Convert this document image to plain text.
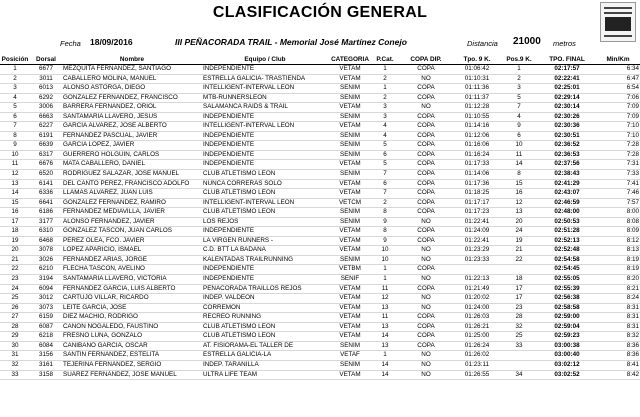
CLASIFICACIÓN GENERAL
Fecha 18/09/2016	III PEÑACORADA TRAIL - Memorial José Martínez Conejo	Distancia 21000 metros
Posición	Dorsal	Nombre	Equipo / Club	CATEGORIA	P.Cat.	COPA DIP.	Tpo. 9 K.	Pos.9 K.	TPO. FINAL	Min/Km
1	6677	MEZQUITA FERNANDEZ, SANTIAGO	INDEPENDIENTE	VETAM	1	COPA	01:06:42	1	02:17:57	6:34
2	3011	CABALLERO MOLINA, MANUEL	ESTRELLA GALICIA- TRASTIENDA	VETAM	2	NO	01:10:31	2	02:22:41	6:47
3	6013	ALONSO ASTORGA, DIEGO	INTELLIGENT-INTERVAL LEÓN	SENIM	1	COPA	01:11:36	3	02:25:01	6:54
4	6292	GONZALEZ FERNANDEZ, FRANCISCO	MTB-RUNNERSLEÓN	SENIM	2	COPA	01:11:37	5	02:29:14	7:06
5	3006	BARRERA FERNANDEZ, ORIOL	SALAMANCA RAIDS & TRAIL	VETAM	3	NO	01:12:28	7	02:30:14	7:09
6	6663	SANTAMARIA LLAVERO, JESUS	INDEPENDIENTE	SENIM	3	COPA	01:10:55	4	02:30:26	7:09
7	6227	GARCÍA ÁLVAREZ, JOSE ALBERTO	INTELLIGENT-INTERVAL LEÓN	VETAM	4	COPA	01:14:16	9	02:30:36	7:10
8	6191	FERNANDEZ PASCUAL, JAVIER	INDEPENDIENTE	SENIM	4	COPA	01:12:06	6	02:30:51	7:10
9	6639	GARCIA LOPEZ, JAVIER	INDEPENDIENTE	SENIM	5	COPA	01:16:06	10	02:36:52	7:28
10	6317	GUERRERO HOLGUIN, CARLOS	INDEPENDIENTE	SENIM	6	COPA	01:16:24	11	02:36:53	7:28
11	6676	MATA CABALLERO, DANIEL	INDEPENDIENTE	VETAM	5	COPA	01:17:33	14	02:37:56	7:31
12	6520	RODRÍGUEZ SALAZAR, JOSE MANUEL	CLUB ATLETISMO LEÓN	SENIM	7	COPA	01:14:06	8	02:38:43	7:33
13	6141	DEL CANTO PEREZ, FRANCISCO ADOLFO	NUNCA CORRERÁS SOLO	VETAM	6	COPA	01:17:36	15	02:41:29	7:41
14	6336	LLAMAS ALVAREZ, JUAN LUIS	CLUB ATLETISMO LEÓN	VETAM	7	COPA	01:18:25	16	02:43:07	7:46
15	6641	GONZÁLEZ FERNANDEZ, RAMIRO	INTELLIGENT-INTERVAL LEÓN	VETCM	2	COPA	01:17:17	12	02:46:59	7:57
16	6186	FERNANDEZ MEDIAVILLA, JAVIER	CLUB ATLETISMO LEÓN	SENIM	8	COPA	01:17:23	13	02:48:00	8:00
17	3177	ALONSO FERNANDEZ, JAVIER	LOS REJOS	SENIM	9	NO	01:22:41	20	02:50:53	8:08
18	6310	GONZALEZ TASCON, JUAN CARLOS	INDEPENDIENTE	VETAM	8	COPA	01:24:09	24	02:51:28	8:09
19	6468	PEREZ OLEA, FCO. JAVIER	LA VIRGEN RUNNERS -	VETAM	9	COPA	01:22:41	19	02:52:13	8:12
20	3078	LOPEZ APARICIO, ISMAEL	C.D. BTT LA BADANA	VETAM	10	NO	01:23:29	21	02:52:48	8:13
21	3026	FERNANDEZ ARIAS, JORGE	KALENTADAS TRAILRUNNING	SENIM	10	NO	01:23:33	22	02:54:58	8:19
22	6210	FLECHA TASCON, AVELINO	INDEPENDIENTE	VETBM	1	COPA			02:54:45	8:19
23	3194	SANTAMARIA LLAVERO, VICTORIA	INDEPENDIENTE	SENIF	1	NO	01:22:13	18	02:55:05	8:20
24	6094	FERNANDEZ GARCIA, LUIS ALBERTO	PEÑACORADA TRAILLOS REJOS	VETAM	11	COPA	01:21:49	17	02:55:39	8:21
25	3012	CARTUJO VILLAR, RICARDO	INDEP. VALDEON	VETAM	12	NO	01:20:02	17	02:56:38	8:24
26	3073	LEITE GARCIA, JOSE	CORREMON	VETAM	13	NO	01:24:00	23	02:58:58	8:31
27	6159	DIEZ MACHIO, RODRIGO	RECREO RUNNING	VETAM	11	COPA	01:26:03	28	02:59:00	8:31
28	6087	CAÑON NOGALEDO, FAUSTINO	CLUB ATLETISMO LEÓN	VETAM	13	COPA	01:26:21	32	02:59:04	8:31
29	6218	FRESNO LUNA, GONZALO	CLUB ATLETISMO LEÓN	VETAM	14	COPA	01:25:00	25	02:59:23	8:32
30	6084	CAÑIBANO GARCIA, OSCAR	AT. FISIORAMA-EL TALLER DE	SENIM	13	COPA	01:26:24	33	03:00:38	8:36
31	3156	SANTIN FERNANDEZ, ESTELITA	ESTRELLA GALICIA-LA	VETAF	1	NO	01:26:02		03:00:40	8:36
32	3161	TEJERINA FERNANDEZ, SERGIO	INDEP. TARANILLA	SENIM	14	NO	01:23:11		03:02:12	8:41
33	3158	SUÁREZ FERNÁNDEZ, JOSE MANUEL	ULTRA LIFE TEAM	VETAM	14	NO	01:26:55	34	03:02:52	8:42
